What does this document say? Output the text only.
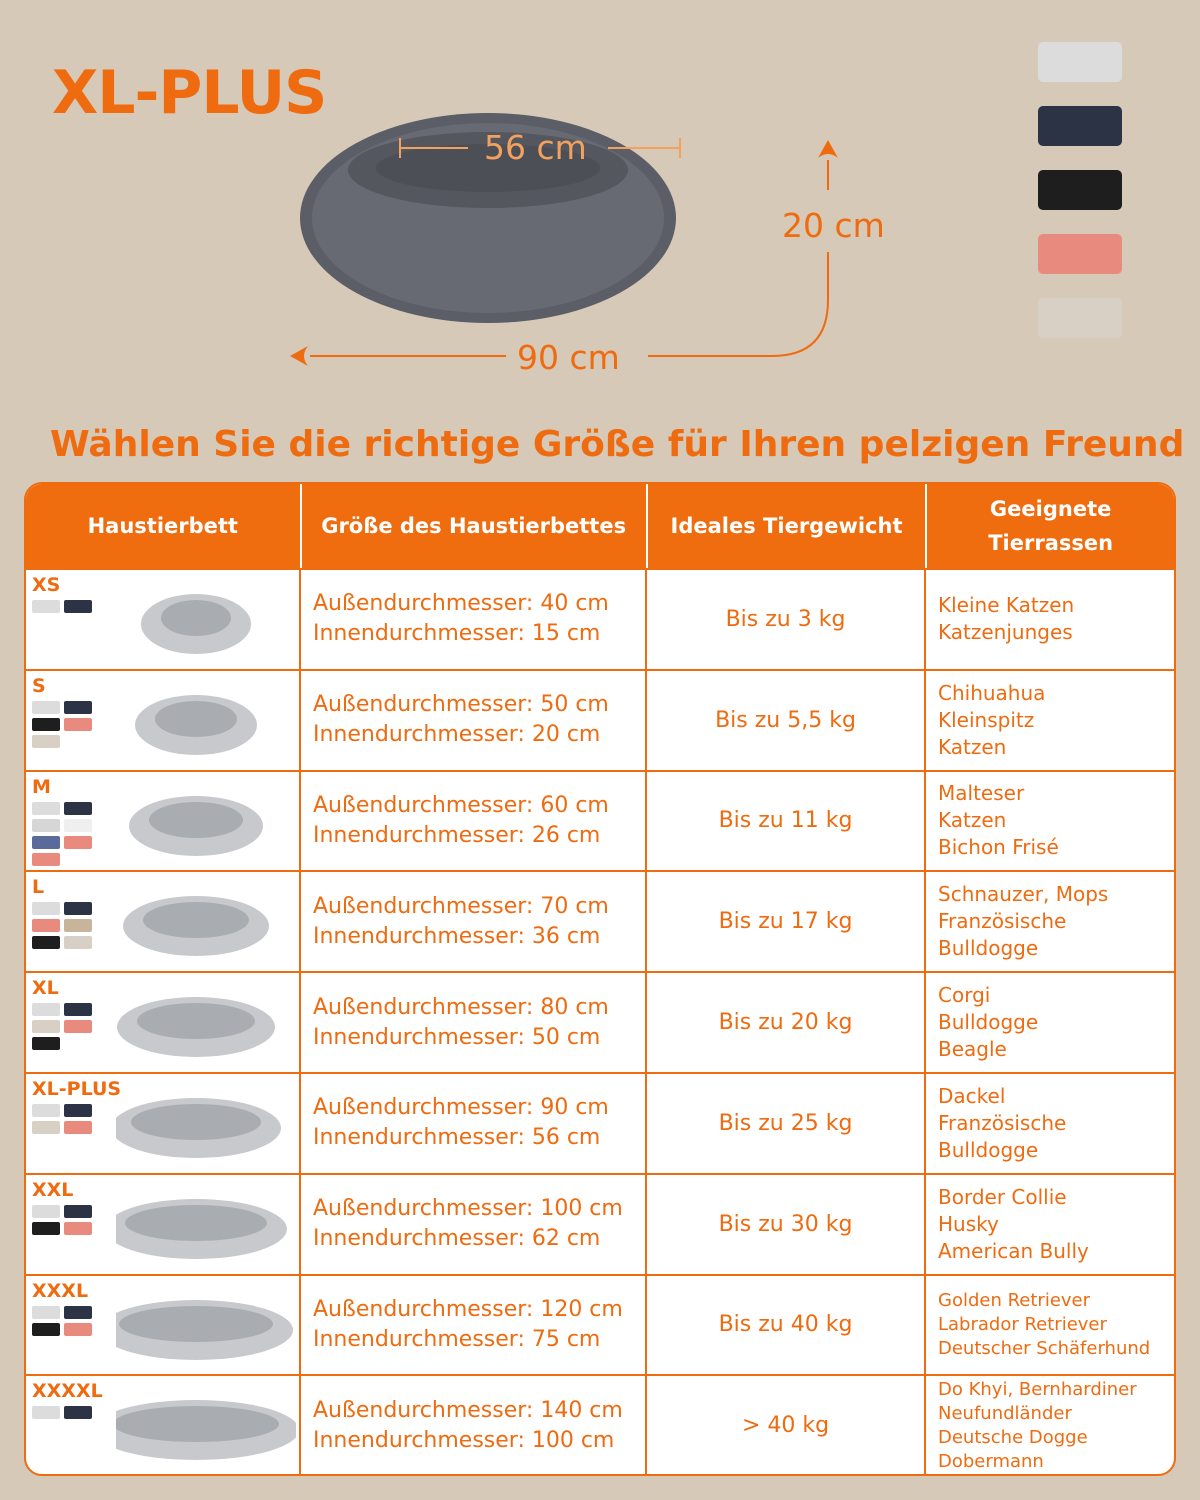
XL-PLUS
56 cm
20 cm
90 cm
Wählen Sie die richtige Größe für Ihren pelzigen Freund
Haustierbett	Größe des Haustierbettes	Ideales Tiergewicht
Geeignete Tierrassen
XS
Außendurchmesser: 40 cm
Innendurchmesser: 15 cm
Bis zu 3 kg
Kleine Katzen
Katzenjunges
S
Außendurchmesser: 50 cm
Innendurchmesser: 20 cm
Bis zu 5,5 kg
Chihuahua
Kleinspitz
Katzen
M
Außendurchmesser: 60 cm
Innendurchmesser: 26 cm
Bis zu 11 kg
Malteser
Katzen
Bichon Frisé
L
Außendurchmesser: 70 cm
Innendurchmesser: 36 cm
Bis zu 17 kg
Schnauzer, Mops
Französische
Bulldogge
XL
Außendurchmesser: 80 cm
Innendurchmesser: 50 cm
Bis zu 20 kg
Corgi
Bulldogge
Beagle
XL-PLUS
Außendurchmesser: 90 cm
Innendurchmesser: 56 cm
Bis zu 25 kg
Dackel
Französische
Bulldogge
XXL
Außendurchmesser: 100 cm
Innendurchmesser: 62 cm
Bis zu 30 kg
Border Collie
Husky
American Bully
XXXL
Außendurchmesser: 120 cm
Innendurchmesser: 75 cm
Bis zu 40 kg
Golden Retriever
Labrador Retriever
Deutscher Schäferhund
XXXXL
Außendurchmesser: 140 cm
Innendurchmesser: 100 cm
> 40 kg
Do Khyi, Bernhardiner
Neufundländer
Deutsche Dogge
Dobermann
